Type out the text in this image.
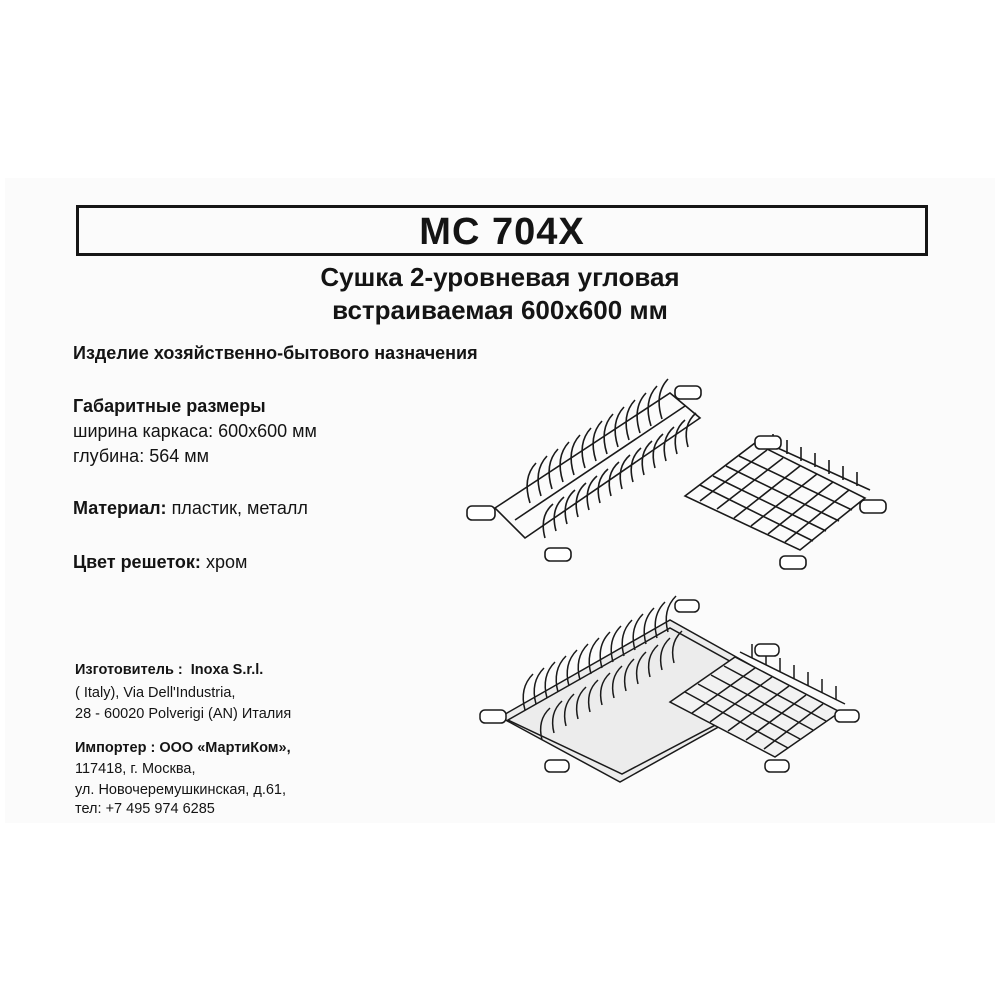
MC 704X
Сушка 2-уровневая угловая
встраиваемая 600x600 мм
Изделие хозяйственно-бытового назначения
Габаритные размеры
ширина каркаса: 600x600 мм
глубина: 564 мм
Материал: пластик, металл
Цвет решеток: хром
Изготовитель : Inoxa S.r.l.
( Italy), Via Dell'Industria,
28 - 60020 Polverigi (AN) Италия
Импортер : ООО «МартиКом»,
117418, г. Москва,
ул. Новочеремушкинская, д.61,
тел: +7 495 974 6285
